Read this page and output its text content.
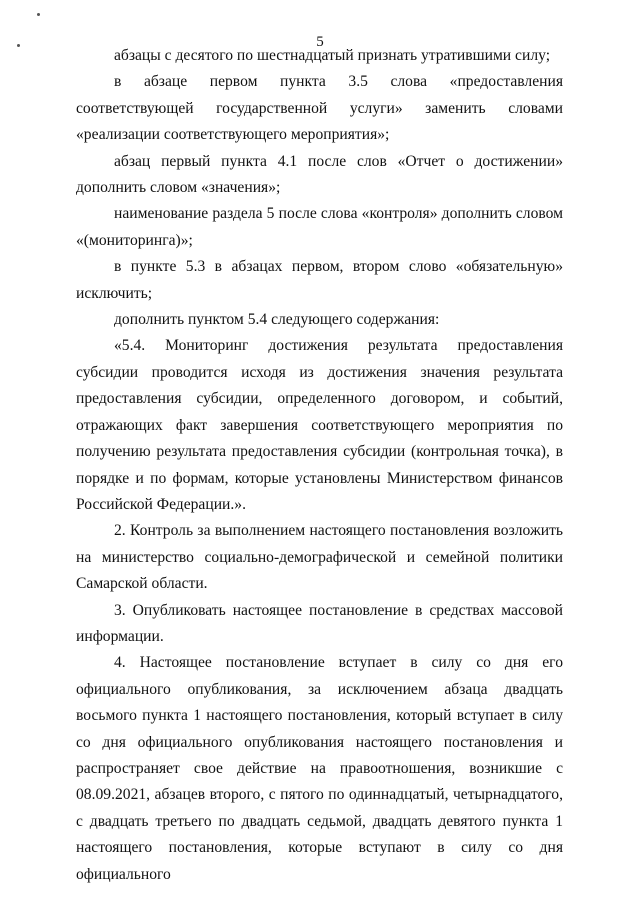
5

абзацы с десятого по шестнадцатый признать утратившими силу;

в абзаце первом пункта 3.5 слова «предоставления соответствующей государственной услуги» заменить словами «реализации соответствующего мероприятия»;

абзац первый пункта 4.1 после слов «Отчет о достижении» дополнить словом «значения»;

наименование раздела 5 после слова «контроля» дополнить словом «(мониторинга)»;

в пункте 5.3 в абзацах первом, втором слово «обязательную» исключить;

дополнить пунктом 5.4 следующего содержания:

«5.4. Мониторинг достижения результата предоставления субсидии проводится исходя из достижения значения результата предоставления субсидии, определенного договором, и событий, отражающих факт завершения соответствующего мероприятия по получению результата предоставления субсидии (контрольная точка), в порядке и по формам, которые установлены Министерством финансов Российской Федерации.».

2. Контроль за выполнением настоящего постановления возложить на министерство социально-демографической и семейной политики Самарской области.

3. Опубликовать настоящее постановление в средствах массовой информации.

4. Настоящее постановление вступает в силу со дня его официального опубликования, за исключением абзаца двадцать восьмого пункта 1 настоящего постановления, который вступает в силу со дня официального опубликования настоящего постановления и распространяет свое действие на правоотношения, возникшие с 08.09.2021, абзацев второго, с пятого по одиннадцатый, четырнадцатого, с двадцать третьего по двадцать седьмой, двадцать девятого пункта 1 настоящего постановления, которые вступают в силу со дня официального
